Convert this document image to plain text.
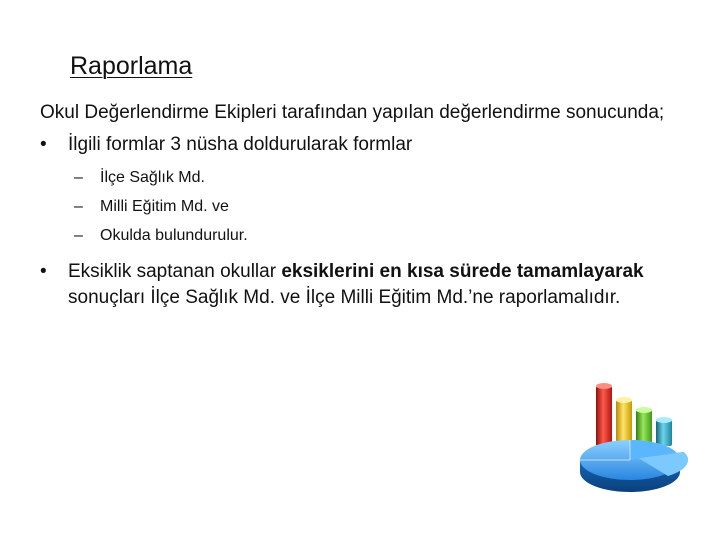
Raporlama

Okul Değerlendirme Ekipleri tarafından yapılan değerlendirme sonucunda;

•	İlgili formlar 3 nüsha doldurularak formlar
– İlçe Sağlık Md.
– Milli Eğitim Md. ve
– Okulda bulundurulur.
•	Eksiklik saptanan okullar eksiklerini en kısa sürede tamamlayarak sonuçları İlçe Sağlık Md. ve İlçe Milli Eğitim Md.’ne raporlamalıdır.
